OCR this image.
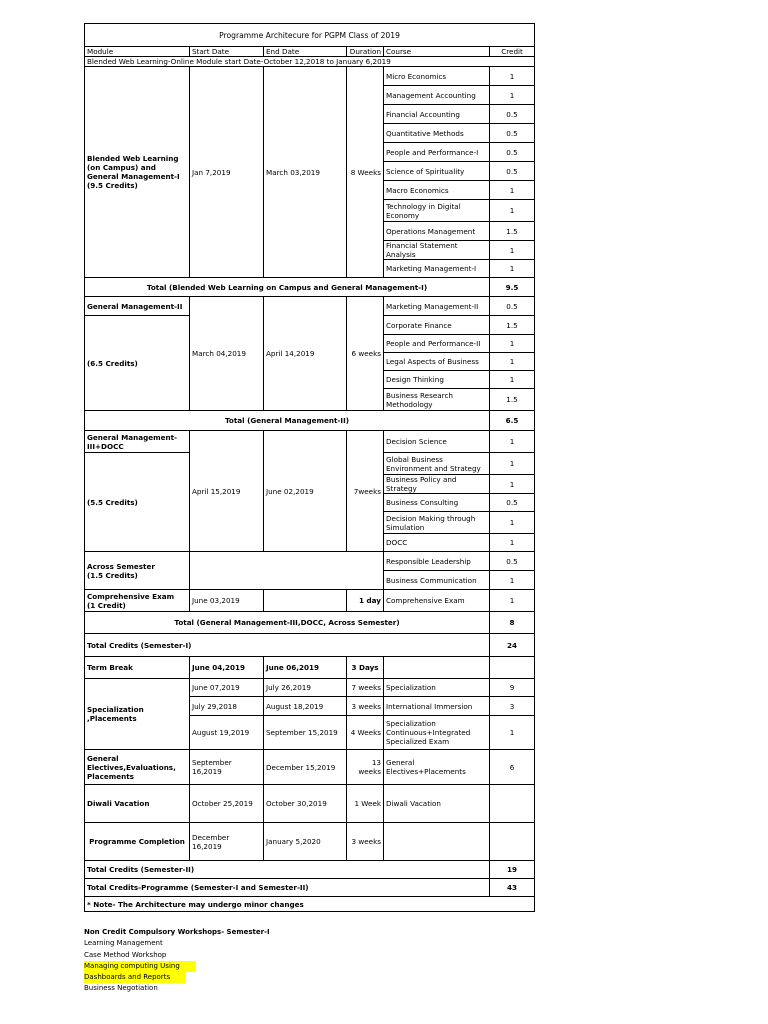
Programme Architecure for PGPM Class of 2019					
Module	Start Date	End Date	Duration	Course	Credit
Blended Web Learning-Online Module start Date-October 12,2018 to January 6,2019					

Blended Web Learning (on Campus) and General Management-I
(9.5 Credits)	Jan 7,2019	March 03,2019	8 Weeks	Micro Economics	1
				Management Accounting	1
				Financial Accounting	0.5
				Quantitative Methods	0.5
				People and Performance-I	0.5
				Science of Spirituality	0.5
				Macro Economics	1
				Technology in Digital Economy	1
				Operations Management	1.5
				Financial Statement Analysis	1
				Marketing Management-I	1
Total (Blended Web Learning on Campus and General Management-I)					9.5
General Management-II	March 04,2019	April 14,2019	6 weeks	Marketing Management-II	0.5
(6.5 Credits)				Corporate Finance	1.5
				People and Performance-II	1
				Legal Aspects of Business	1
				Design Thinking	1
				Business Research Methodology	1.5
Total (General Management-II)					6.5
General Management-III+DOCC	April 15,2019	June 02,2019	7weeks	Decision Science	1
(5.5 Credits)				Global Business Environment and Strategy	1
				Business Policy and Strategy	1
				Business Consulting	0.5
				Decision Making through Simulation	1
				DOCC	1

Across Semester
(1.5 Credits)				Responsible Leadership	0.5
				Business Communication	1

Comprehensive Exam
(1 Credit)	June 03,2019		1 day	Comprehensive Exam	1
Total (General Management-III,DOCC, Across Semester)					8
Total Credits (Semester-I)					24
Term Break	June 04,2019	June 06,2019	3 Days		
Specialization ,Placements	June 07,2019	July 26,2019	7 weeks	Specialization	9
	July 29,2018	August 18,2019	3 weeks	International Immersion	3
	August 19,2019	September 15,2019	4 Weeks	Specialization Continuous+Integrated Specialized Exam	1
General Electives,Evaluations, Placements	September 16,2019	December 15,2019	13 weeks	General Electives+Placements	6
Diwali Vacation	October 25,2019	October 30,2019	1 Week	Diwali Vacation	
Programme Completion	December 16,2019	January 5,2020	3 weeks		
Total Credits (Semester-II)					19
Total Credits-Programme (Semester-I and Semester-II)					43
* Note- The Architecture may undergo minor changes					
Non Credit Compulsory Workshops- Semester-I
Learning Management
Case Method Workshop
Managing computing Using
Dashboards and Reports
Business Negotiation
